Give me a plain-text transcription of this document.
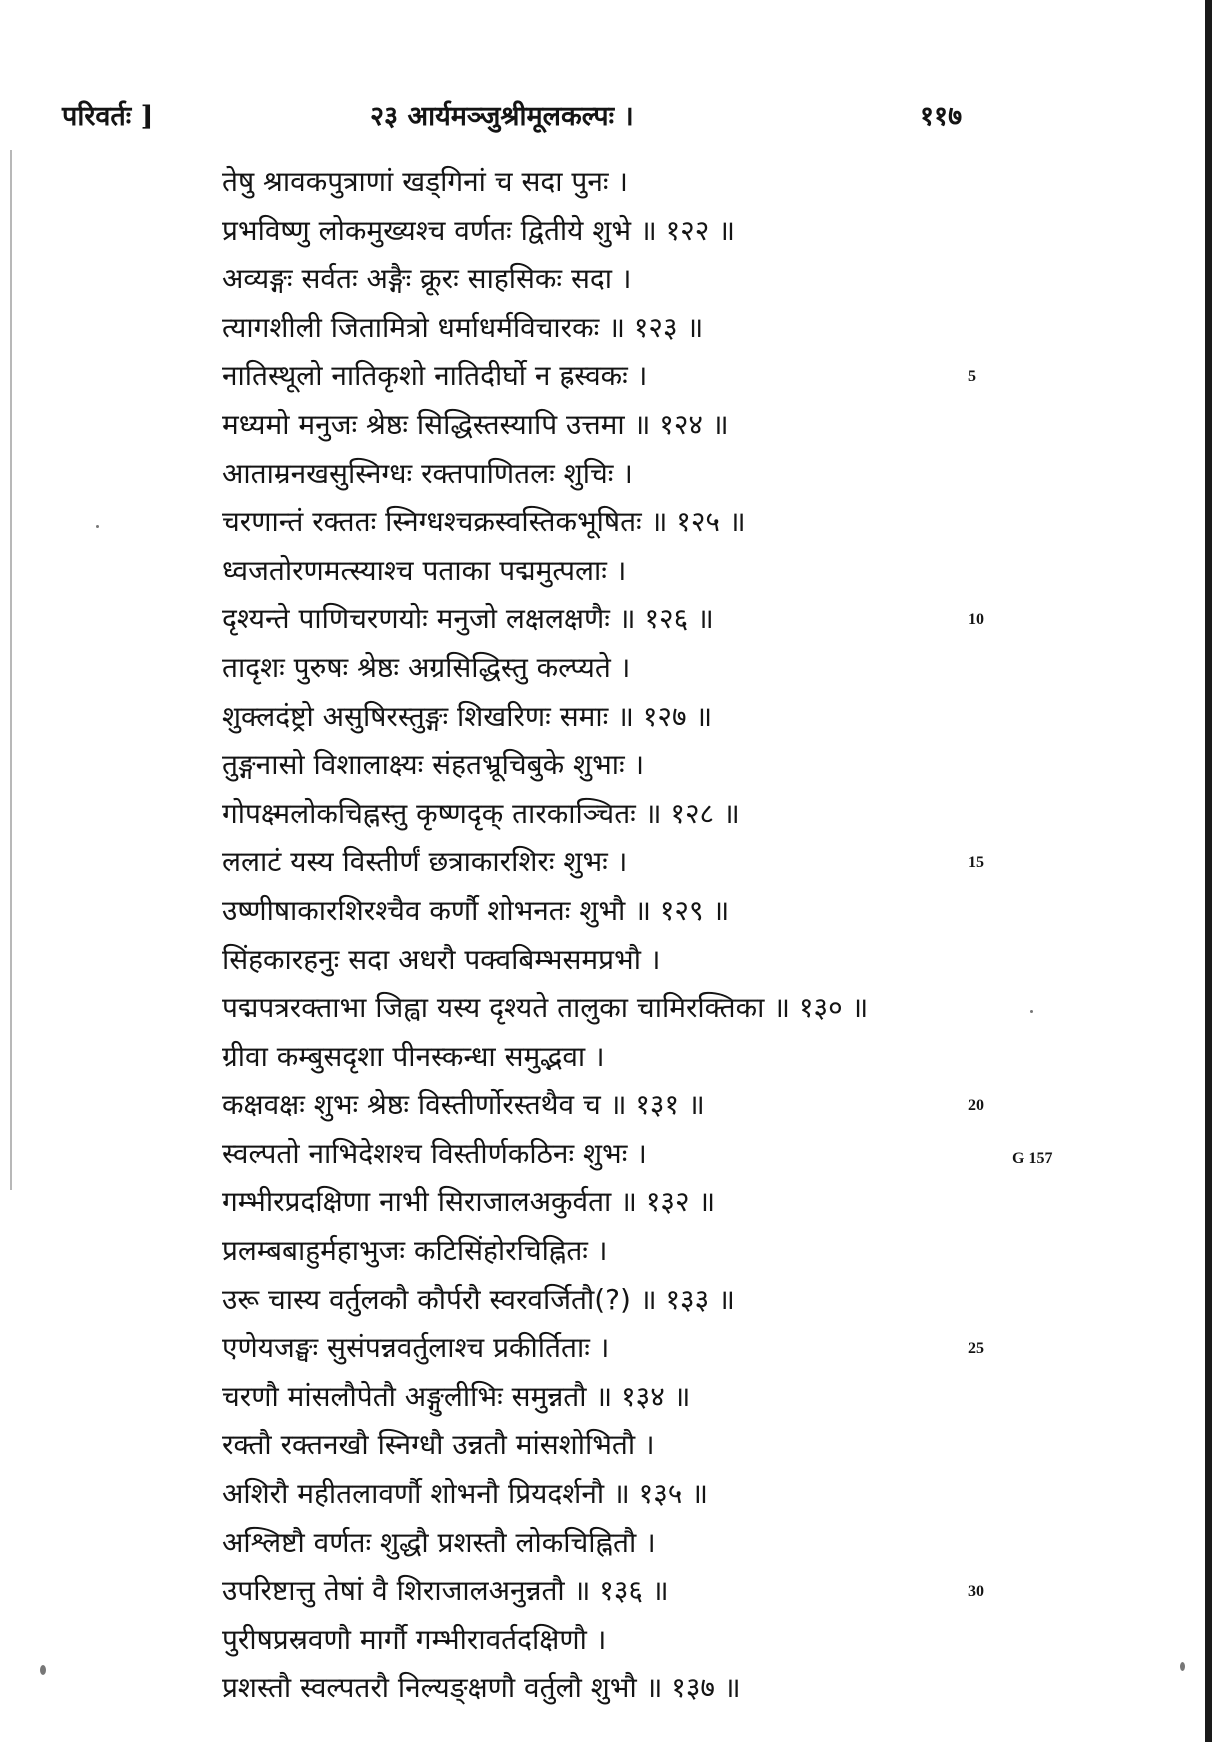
परिवर्तः ]	२३ आर्यमञ्जुश्रीमूलकल्पः ।	११७
तेषु श्रावकपुत्राणां खड्गिनां च सदा पुनः ।
प्रभविष्णु लोकमुख्यश्च वर्णतः द्वितीये शुभे ॥ १२२ ॥
अव्यङ्गः सर्वतः अङ्गैः क्रूरः साहसिकः सदा ।
त्यागशीली जितामित्रो धर्माधर्मविचारकः ॥ १२३ ॥
नातिस्थूलो नातिकृशो नातिदीर्घो न ह्रस्वकः ।
मध्यमो मनुजः श्रेष्ठः सिद्धिस्तस्यापि उत्तमा ॥ १२४ ॥
आताम्रनखसुस्निग्धः रक्तपाणितलः शुचिः ।
चरणान्तं रक्ततः स्निग्धश्चक्रस्वस्तिकभूषितः ॥ १२५ ॥
ध्वजतोरणमत्स्याश्च पताका पद्ममुत्पलाः ।
दृश्यन्ते पाणिचरणयोः मनुजो लक्षलक्षणैः ॥ १२६ ॥
तादृशः पुरुषः श्रेष्ठः अग्रसिद्धिस्तु कल्प्यते ।
शुक्लदंष्ट्रो असुषिरस्तुङ्गः शिखरिणः समाः ॥ १२७ ॥
तुङ्गनासो विशालाक्ष्यः संहतभ्रूचिबुके शुभाः ।
गोपक्ष्मलोकचिह्नस्तु कृष्णदृक् तारकाञ्चितः ॥ १२८ ॥
ललाटं यस्य विस्तीर्णं छत्राकारशिरः शुभः ।
उष्णीषाकारशिरश्चैव कर्णौ शोभनतः शुभौ ॥ १२९ ॥
सिंहकारहनुः सदा अधरौ पक्वबिम्भसमप्रभौ ।
पद्मपत्ररक्ताभा जिह्वा यस्य दृश्यते तालुका चामिरक्तिका ॥ १३० ॥
ग्रीवा कम्बुसदृशा पीनस्कन्धा समुद्भवा ।
कक्षवक्षः शुभः श्रेष्ठः विस्तीर्णोरस्तथैव च ॥ १३१ ॥
स्वल्पतो नाभिदेशश्च विस्तीर्णकठिनः शुभः ।
गम्भीरप्रदक्षिणा नाभी सिराजालअकुर्वता ॥ १३२ ॥
प्रलम्बबाहुर्महाभुजः कटिसिंहोरचिह्नितः ।
उरू चास्य वर्तुलकौ कौर्परौ स्वरवर्जितौ(?) ॥ १३३ ॥
एणेयजङ्घः सुसंपन्नवर्तुलाश्च प्रकीर्तिताः ।
चरणौ मांसलौपेतौ अङ्गुलीभिः समुन्नतौ ॥ १३४ ॥
रक्तौ रक्तनखौ स्निग्धौ उन्नतौ मांसशोभितौ ।
अशिरौ महीतलावर्णौ शोभनौ प्रियदर्शनौ ॥ १३५ ॥
अश्लिष्टौ वर्णतः शुद्धौ प्रशस्तौ लोकचिह्नितौ ।
उपरिष्टात्तु तेषां वै शिराजालअनुन्नतौ ॥ १३६ ॥
पुरीषप्रस्रवणौ मार्गौ गम्भीरावर्तदक्षिणौ ।
प्रशस्तौ स्वल्पतरौ निल्यङ्क्षणौ वर्तुलौ शुभौ ॥ १३७ ॥
5
10
15
20
25
30
G 157
